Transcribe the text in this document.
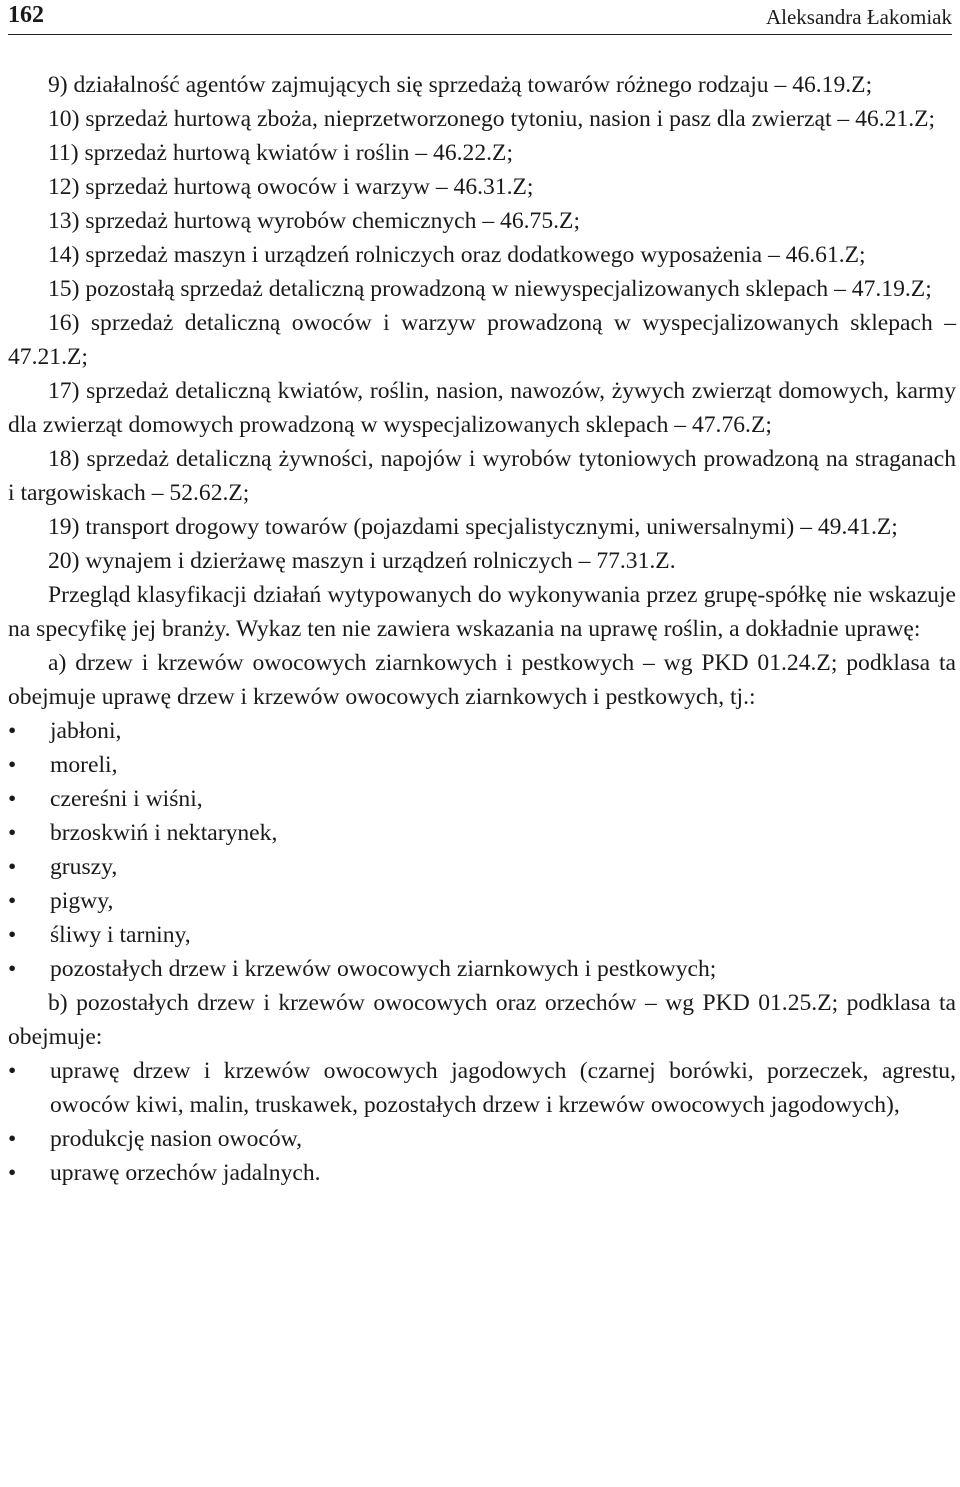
162	Aleksandra Łakomiak

9) działalność agentów zajmujących się sprzedażą towarów różnego rodzaju – 46.19.Z;

10) sprzedaż hurtową zboża, nieprzetworzonego tytoniu, nasion i pasz dla zwierząt – 46.21.Z;

11) sprzedaż hurtową kwiatów i roślin – 46.22.Z;

12) sprzedaż hurtową owoców i warzyw – 46.31.Z;

13) sprzedaż hurtową wyrobów chemicznych – 46.75.Z;

14) sprzedaż maszyn i urządzeń rolniczych oraz dodatkowego wyposażenia – 46.61.Z;

15) pozostałą sprzedaż detaliczną prowadzoną w niewyspecjalizowanych sklepach – 47.19.Z;

16) sprzedaż detaliczną owoców i warzyw prowadzoną w wyspecjalizowanych sklepach – 47.21.Z;

17) sprzedaż detaliczną kwiatów, roślin, nasion, nawozów, żywych zwierząt domowych, karmy dla zwierząt domowych prowadzoną w wyspecjalizowanych sklepach – 47.76.Z;

18) sprzedaż detaliczną żywności, napojów i wyrobów tytoniowych prowadzoną na straganach i targowiskach – 52.62.Z;

19) transport drogowy towarów (pojazdami specjalistycznymi, uniwersalnymi) – 49.41.Z;

20) wynajem i dzierżawę maszyn i urządzeń rolniczych – 77.31.Z.

Przegląd klasyfikacji działań wytypowanych do wykonywania przez grupę-spółkę nie wskazuje na specyfikę jej branży. Wykaz ten nie zawiera wskazania na uprawę roślin, a dokładnie uprawę:

a) drzew i krzewów owocowych ziarnkowych i pestkowych – wg PKD 01.24.Z; podklasa ta obejmuje uprawę drzew i krzewów owocowych ziarnkowych i pestkowych, tj.:

• jabłoni,
• moreli,
• czereśni i wiśni,
• brzoskwiń i nektarynek,
• gruszy,
• pigwy,
• śliwy i tarniny,
• pozostałych drzew i krzewów owocowych ziarnkowych i pestkowych;

b) pozostałych drzew i krzewów owocowych oraz orzechów – wg PKD 01.25.Z; podklasa ta obejmuje:

• uprawę drzew i krzewów owocowych jagodowych (czarnej borówki, porzeczek, agrestu, owoców kiwi, malin, truskawek, pozostałych drzew i krzewów owocowych jagodowych),
• produkcję nasion owoców,
• uprawę orzechów jadalnych.
